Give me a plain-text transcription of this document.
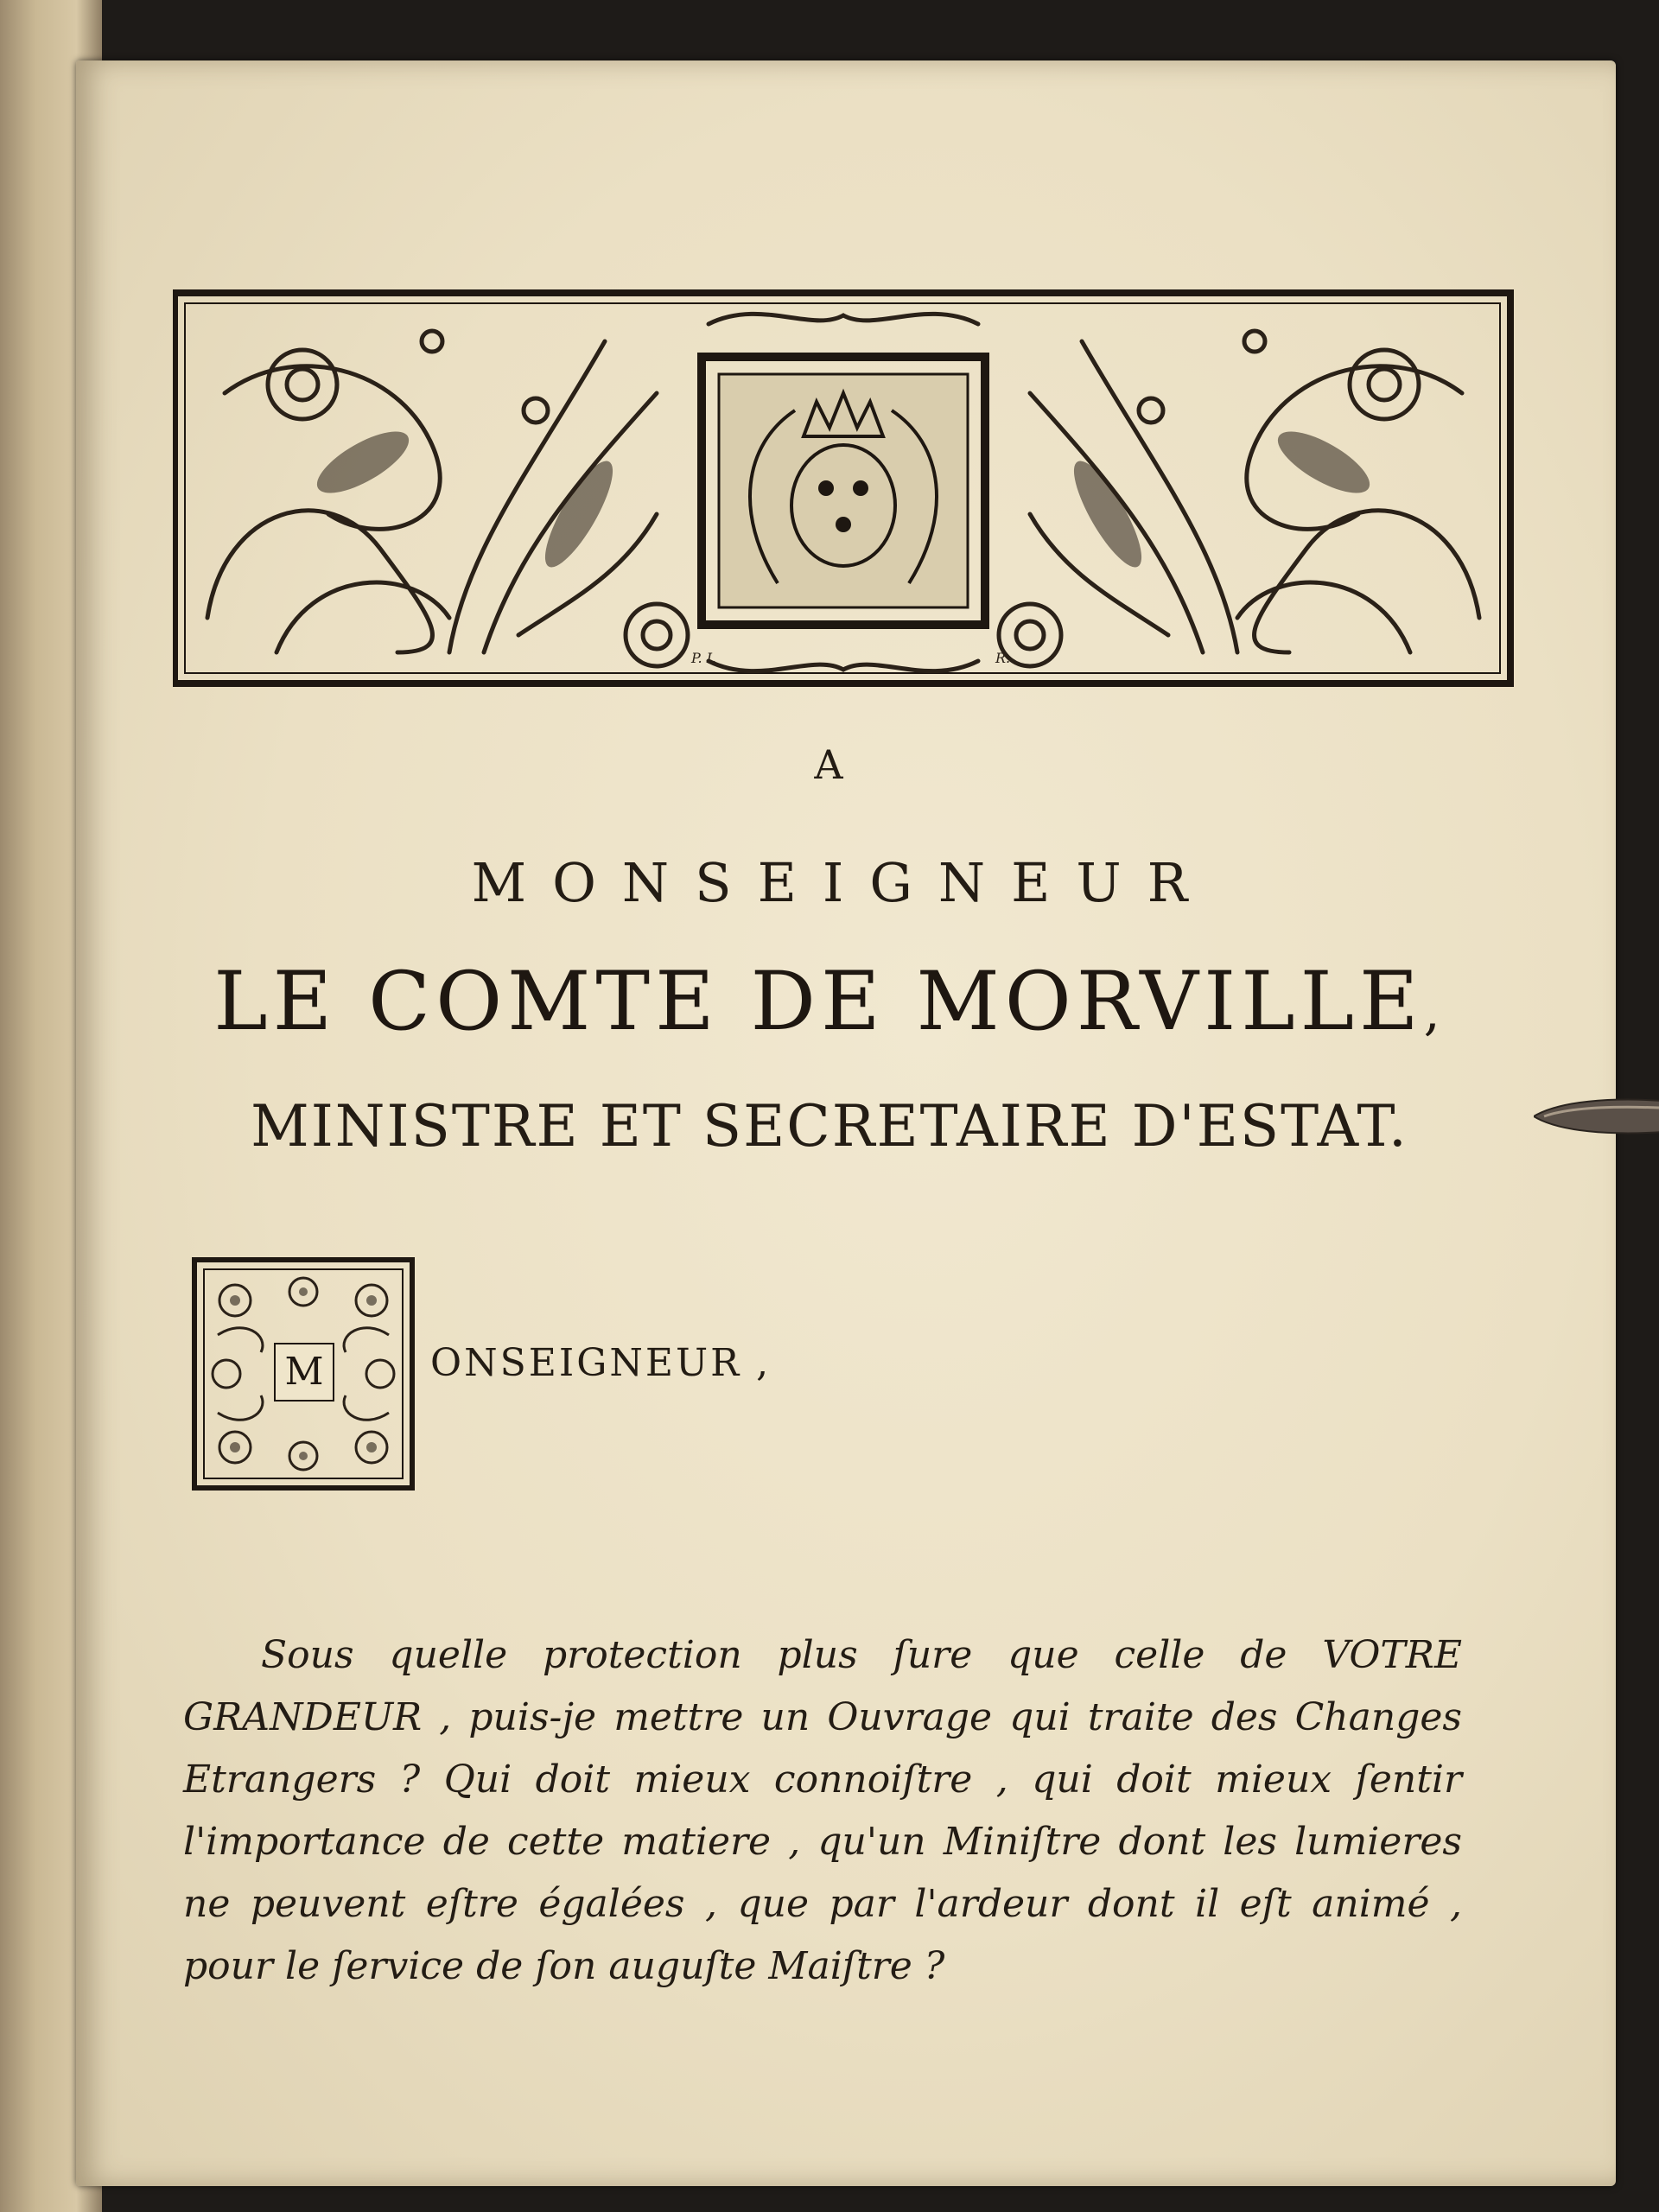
P. I.	R.
A
MONSEIGNEUR
LE COMTE DE MORVILLE,
MINISTRE ET SECRETAIRE D'ESTAT.
M	ONSEIGNEUR ,
Sous quelle protection plus ſure que celle de VOTRE GRANDEUR , puis-je mettre un Ouvrage qui traite des Changes Etrangers ? Qui doit mieux connoiſtre , qui doit mieux ſentir l'importance de cette matiere , qu'un Miniſtre dont les lumieres ne peuvent eſtre égalées , que par l'ardeur dont il eſt animé , pour le ſervice de ſon auguſte Maiſtre ?
